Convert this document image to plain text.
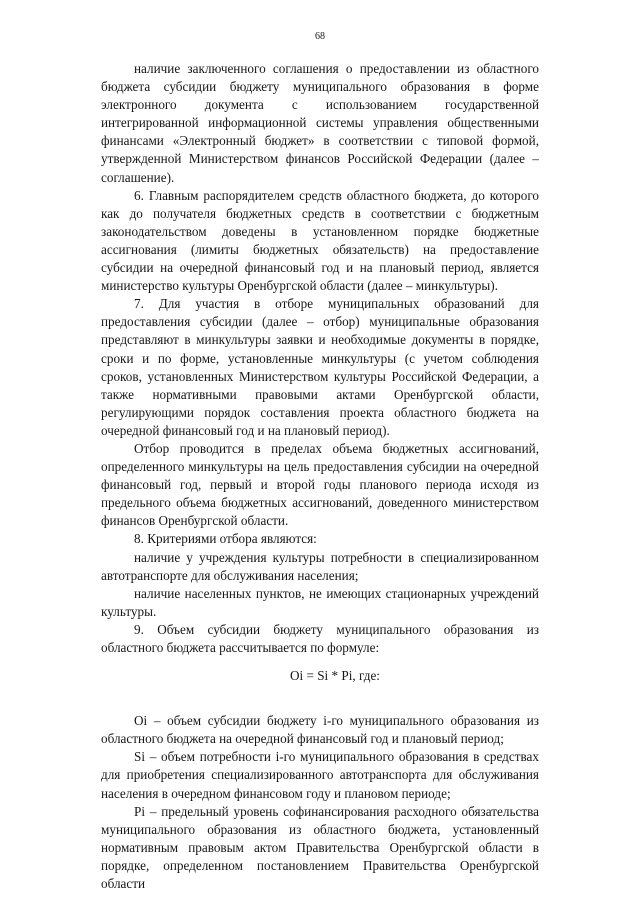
68

наличие заключенного соглашения о предоставлении из областного бюджета субсидии бюджету муниципального образования в форме электронного документа с использованием государственной интегрированной информационной системы управления общественными финансами «Электронный бюджет» в соответствии с типовой формой, утвержденной Министерством финансов Российской Федерации (далее – соглашение).

6. Главным распорядителем средств областного бюджета, до которого как до получателя бюджетных средств в соответствии с бюджетным законодательством доведены в установленном порядке бюджетные ассигнования (лимиты бюджетных обязательств) на предоставление субсидии на очередной финансовый год и на плановый период, является министерство культуры Оренбургской области (далее – минкультуры).

7. Для участия в отборе муниципальных образований для предоставления субсидии (далее – отбор) муниципальные образования представляют в минкультуры заявки и необходимые документы в порядке, сроки и по форме, установленные минкультуры (с учетом соблюдения сроков, установленных Министерством культуры Российской Федерации, а также нормативными правовыми актами Оренбургской области, регулирующими порядок составления проекта областного бюджета на очередной финансовый год и на плановый период).

Отбор проводится в пределах объема бюджетных ассигнований, определенного минкультуры на цель предоставления субсидии на очередной финансовый год, первый и второй годы планового периода исходя из предельного объема бюджетных ассигнований, доведенного министерством финансов Оренбургской области.

8. Критериями отбора являются:

наличие у учреждения культуры потребности в специализированном автотранспорте для обслуживания населения;

наличие населенных пунктов, не имеющих стационарных учреждений культуры.

9. Объем субсидии бюджету муниципального образования из областного бюджета рассчитывается по формуле:

Oi = Si * Pi, где:

Oi – объем субсидии бюджету i-го муниципального образования из областного бюджета на очередной финансовый год и плановый период;

Si – объем потребности i-го муниципального образования в средствах для приобретения специализированного автотранспорта для обслуживания населения в очередном финансовом году и плановом периоде;

Pi – предельный уровень софинансирования расходного обязательства муниципального образования из областного бюджета, установленный нормативным правовым актом Правительства Оренбургской области в порядке, определенном постановлением Правительства Оренбургской области
